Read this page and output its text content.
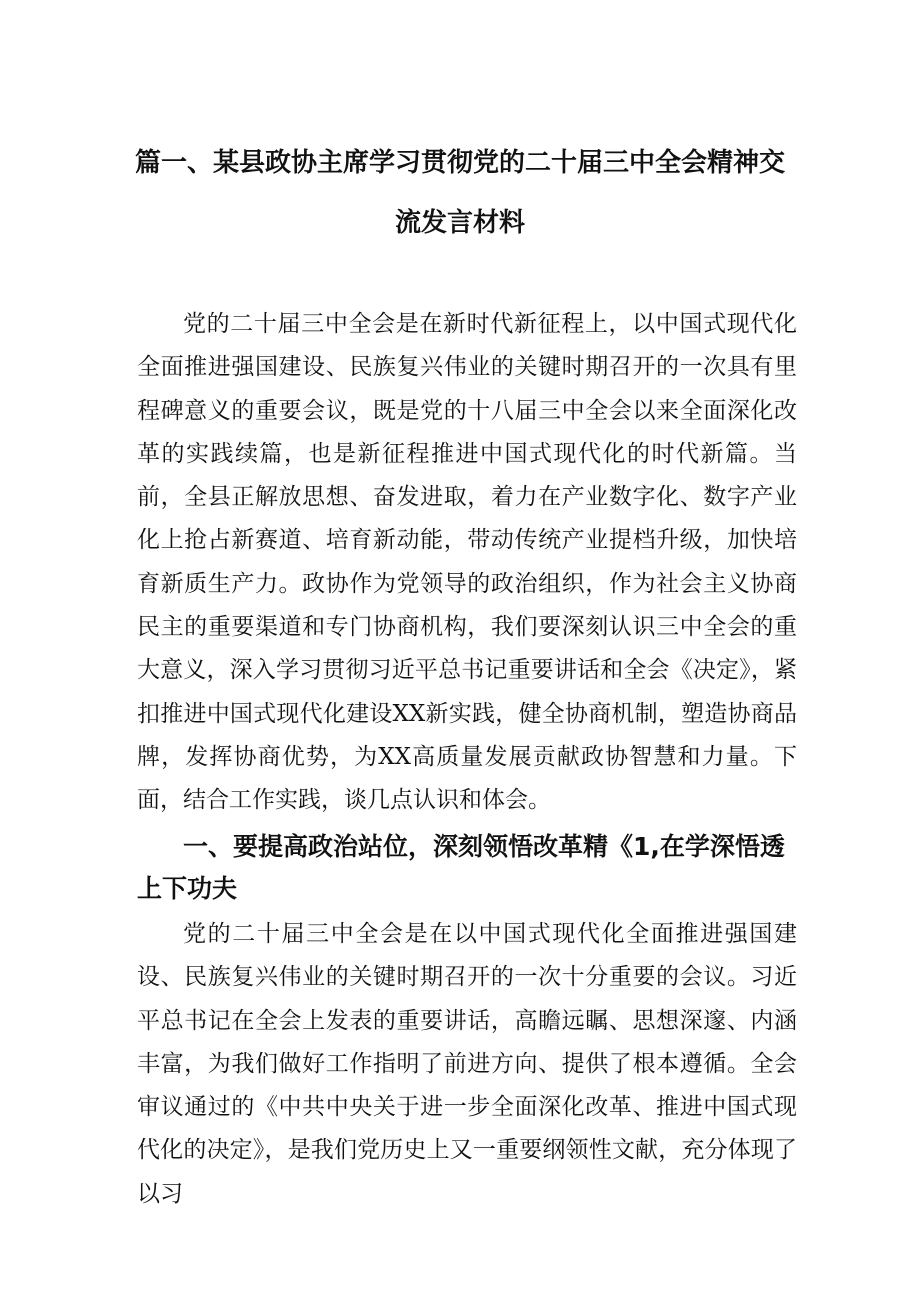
篇一、某县政协主席学习贯彻党的二十届三中全会精神交
流发言材料

党的二十届三中全会是在新时代新征程上，以中国式现代化全面推进强国建设、民族复兴伟业的关键时期召开的一次具有里程碑意义的重要会议，既是党的十八届三中全会以来全面深化改革的实践续篇，也是新征程推进中国式现代化的时代新篇。当前，全县正解放思想、奋发进取，着力在产业数字化、数字产业化上抢占新赛道、培育新动能，带动传统产业提档升级，加快培育新质生产力。政协作为党领导的政治组织，作为社会主义协商民主的重要渠道和专门协商机构，我们要深刻认识三中全会的重大意义，深入学习贯彻习近平总书记重要讲话和全会《决定》，紧扣推进中国式现代化建设XX新实践，健全协商机制，塑造协商品牌，发挥协商优势，为XX高质量发展贡献政协智慧和力量。下面，结合工作实践，谈几点认识和体会。

一、要提高政治站位，深刻领悟改革精《1,在学深悟透上下功夫

党的二十届三中全会是在以中国式现代化全面推进强国建设、民族复兴伟业的关键时期召开的一次十分重要的会议。习近平总书记在全会上发表的重要讲话，高瞻远瞩、思想深邃、内涵丰富，为我们做好工作指明了前进方向、提供了根本遵循。全会审议通过的《中共中央关于进一步全面深化改革、推进中国式现代化的决定》，是我们党历史上又一重要纲领性文献，充分体现了以习
